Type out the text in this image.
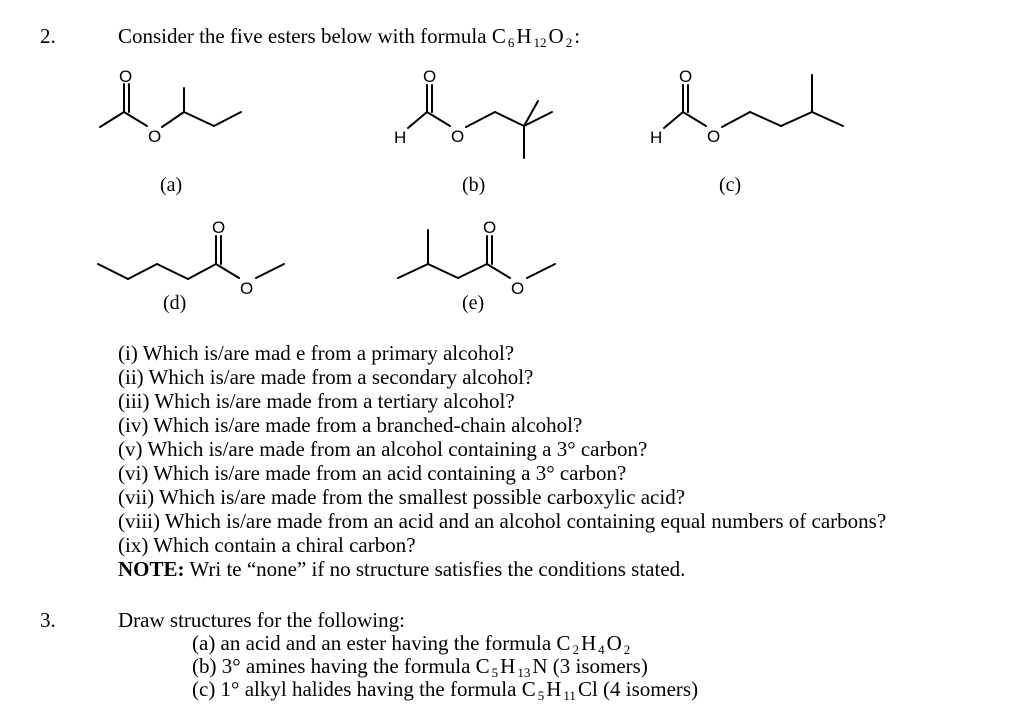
2.	Consider the five esters below with formula C 6H 12O 2:
O
O
(a)
H
O
O
(b)
H
O
O
(c)
O
O
(d)
O
O
(e)
(i) Which is/are mad e from a primary alcohol?
(ii) Which is/are made from a secondary alcohol?
(iii) Which is/are made from a tertiary alcohol?
(iv) Which is/are made from a branched-chain alcohol?
(v) Which is/are made from an alcohol containing a 3° carbon?
(vi) Which is/are made from an acid containing a 3° carbon?
(vii) Which is/are made from the smallest possible carboxylic acid?
(viii) Which is/are made from an acid and an alcohol containing equal numbers of carbons?
(ix) Which contain a chiral carbon?
NOTE: Wri te “none” if no structure satisfies the conditions stated.
3.	Draw structures for the following:
(a) an acid and an ester having the formula C 2H 4O 2
(b) 3° amines having the formula C 5H 13N (3 isomers)
(c) 1° alkyl halides having the formula C 5H 11Cl (4 isomers)
